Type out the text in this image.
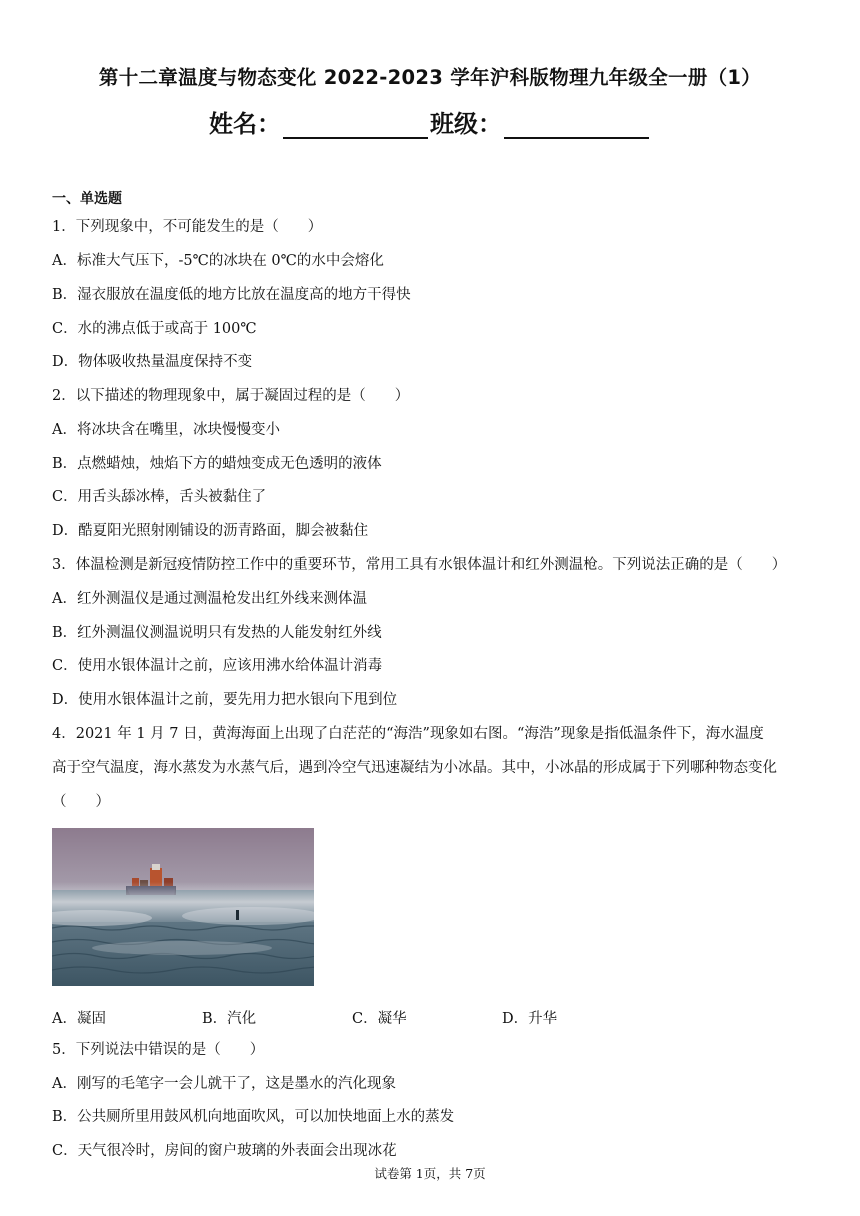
第十二章温度与物态变化 2022-2023 学年沪科版物理九年级全一册（1）
姓名：	班级：
一、单选题
1．下列现象中，不可能发生的是（　　）
A．标准大气压下，-5℃的冰块在 0℃的水中会熔化
B．湿衣服放在温度低的地方比放在温度高的地方干得快
C．水的沸点低于或高于 100℃
D．物体吸收热量温度保持不变
2．以下描述的物理现象中，属于凝固过程的是（　　）
A．将冰块含在嘴里，冰块慢慢变小
B．点燃蜡烛，烛焰下方的蜡烛变成无色透明的液体
C．用舌头舔冰棒，舌头被黏住了
D．酷夏阳光照射刚铺设的沥青路面，脚会被黏住
3．体温检测是新冠疫情防控工作中的重要环节，常用工具有水银体温计和红外测温枪。下列说法正确的是（　　）
A．红外测温仪是通过测温枪发出红外线来测体温
B．红外测温仪测温说明只有发热的人能发射红外线
C．使用水银体温计之前，应该用沸水给体温计消毒
D．使用水银体温计之前，要先用力把水银向下甩到位
4．2021 年 1 月 7 日，黄海海面上出现了白茫茫的“海浩”现象如右图。“海浩”现象是指低温条件下，海水温度
高于空气温度，海水蒸发为水蒸气后，遇到冷空气迅速凝结为小冰晶。其中，小冰晶的形成属于下列哪种物态变化
（　　）
A．凝固	B．汽化	C．凝华	D．升华
5．下列说法中错误的是（　　）
A．刚写的毛笔字一会儿就干了，这是墨水的汽化现象
B．公共厕所里用鼓风机向地面吹风，可以加快地面上水的蒸发
C．天气很冷时，房间的窗户玻璃的外表面会出现冰花
试卷第 1页，共 7页
